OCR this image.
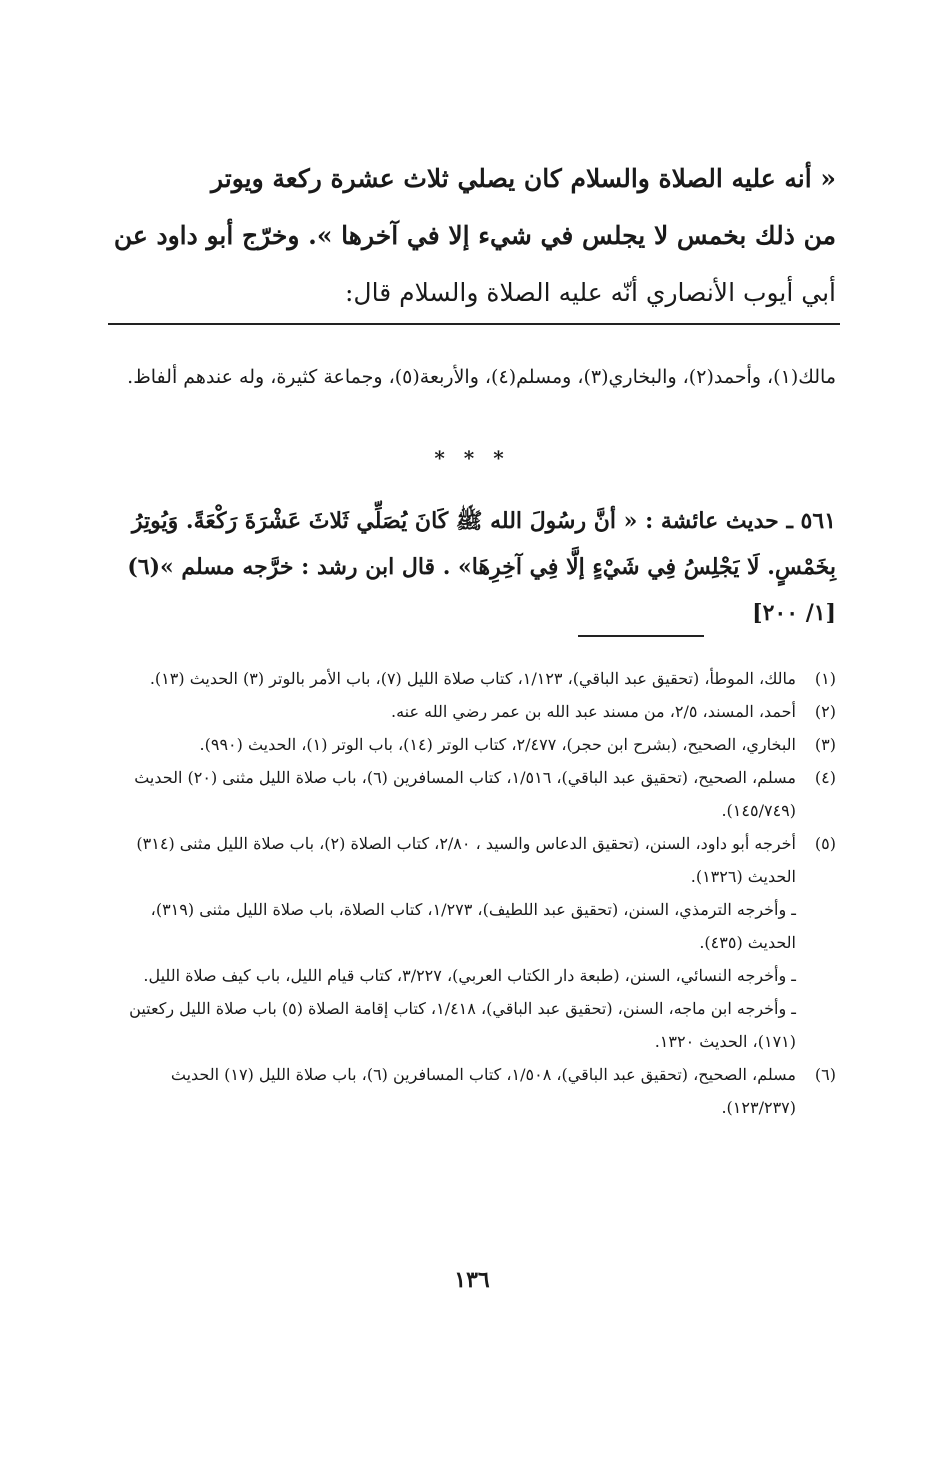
« أنه عليه الصلاة والسلام كان يصلي ثلاث عشرة ركعة ويوتر
من ذلك بخمس لا يجلس في شيء إلا في آخرها ». وخرّج أبو داود عن
أبي أيوب الأنصاري أنّه عليه الصلاة والسلام قال:
مالك(١)، وأحمد(٢)، والبخاري(٣)، ومسلم(٤)، والأربعة(٥)، وجماعة كثيرة، وله عندهم ألفاظ.
* * *
٥٦١ ـ حديث عائشة : « أنَّ رسُولَ الله ﷺ كَانَ يُصَلِّي ثَلاثَ عَشْرَةَ رَكْعَةً. وَيُوتِرُ
بِخَمْسٍ. لَا يَجْلِسُ فِي شَيْءٍ إلَّا فِي آخِرِهَا» . قال ابن رشد : خرَّجه مسلم »(٦)
[١/ ٢٠٠]

(١)
مالك، الموطأ، (تحقيق عبد الباقي)، ١/١٢٣، كتاب صلاة الليل (٧)، باب الأمر بالوتر (٣) الحديث (١٣).

(٢)
أحمد، المسند، ٢/٥، من مسند عبد الله بن عمر رضي الله عنه.

(٣)
البخاري، الصحيح، (بشرح ابن حجر)، ٢/٤٧٧، كتاب الوتر (١٤)، باب الوتر (١)، الحديث (٩٩٠).

(٤)
مسلم، الصحيح، (تحقيق عبد الباقي)، ١/٥١٦، كتاب المسافرين (٦)، باب صلاة الليل مثنى (٢٠) الحديث (١٤٥/٧٤٩).

(٥)
أخرجه أبو داود، السنن، (تحقيق الدعاس والسيد ، ٢/٨٠، كتاب الصلاة (٢)، باب صلاة الليل مثنى (٣١٤) الحديث (١٣٢٦).

ـ وأخرجه الترمذي، السنن، (تحقيق عبد اللطيف)، ١/٢٧٣، كتاب الصلاة، باب صلاة الليل مثنى (٣١٩)، الحديث (٤٣٥).

ـ وأخرجه النسائي، السنن، (طبعة دار الكتاب العربي)، ٣/٢٢٧، كتاب قيام الليل، باب كيف صلاة الليل.

ـ وأخرجه ابن ماجه، السنن، (تحقيق عبد الباقي)، ١/٤١٨، كتاب إقامة الصلاة (٥) باب صلاة الليل ركعتين (١٧١)، الحديث ١٣٢٠.

(٦)
مسلم، الصحيح، (تحقيق عبد الباقي)، ١/٥٠٨، كتاب المسافرين (٦)، باب صلاة الليل (١٧) الحديث (١٢٣/٢٣٧).

١٣٦
